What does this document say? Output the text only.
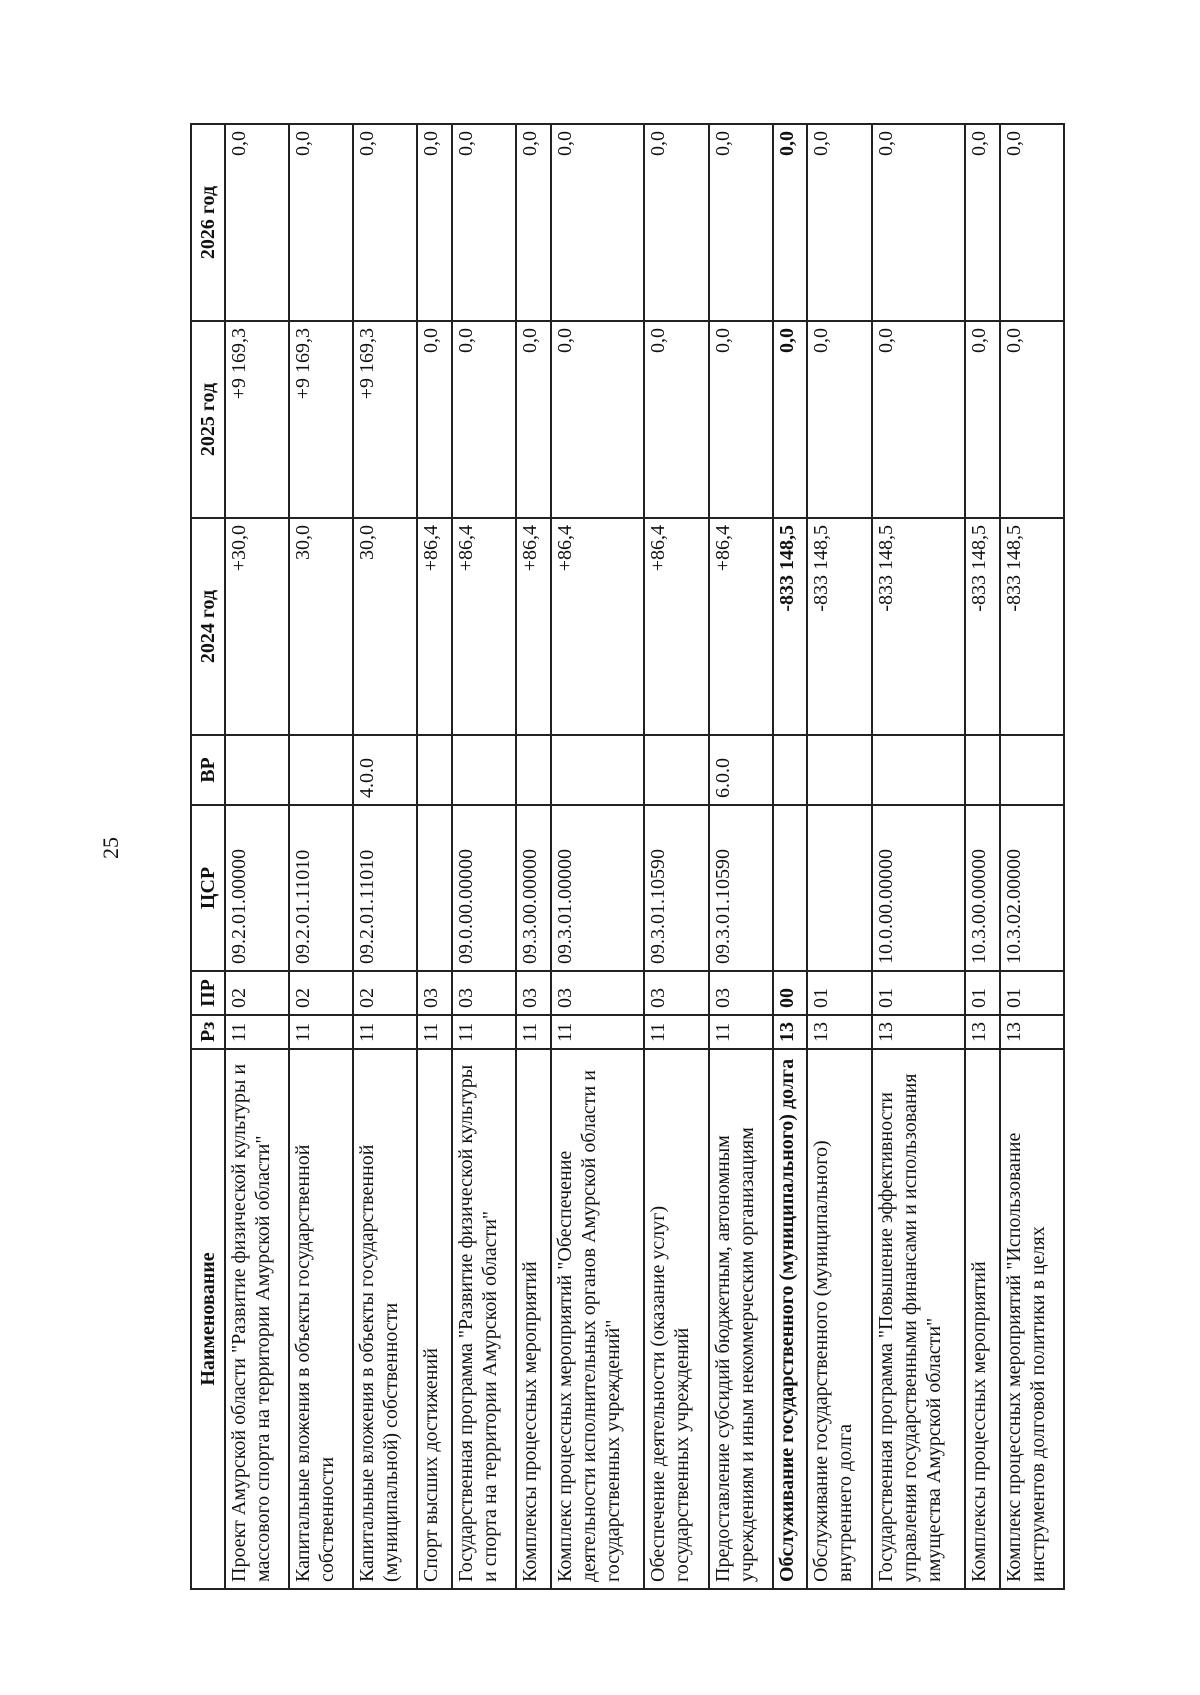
25
Наименование	Рз	ПР	ЦСР	ВР	2024 год	2025 год	2026 год
Проект Амурской области "Развитие физической культуры и массового спорта на территории Амурской области"	11	02	09.2.01.00000		+30,0	+9 169,3	0,0
Капитальные вложения в объекты государственной собственности	11	02	09.2.01.11010		30,0	+9 169,3	0,0
Капитальные вложения в объекты государственной (муниципальной) собственности	11	02	09.2.01.11010	4.0.0	30,0	+9 169,3	0,0
Спорт высших достижений	11	03			+86,4	0,0	0,0
Государственная программа "Развитие физической культуры и спорта на территории Амурской области"	11	03	09.0.00.00000		+86,4	0,0	0,0
Комплексы процессных мероприятий	11	03	09.3.00.00000		+86,4	0,0	0,0
Комплекс процессных мероприятий "Обеспечение деятельности исполнительных органов Амурской области и государственных учреждений"	11	03	09.3.01.00000		+86,4	0,0	0,0
Обеспечение деятельности (оказание услуг) государственных учреждений	11	03	09.3.01.10590		+86,4	0,0	0,0
Предоставление субсидий бюджетным, автономным учреждениям и иным некоммерческим организациям	11	03	09.3.01.10590	6.0.0	+86,4	0,0	0,0
Обслуживание государственного (муниципального) долга	13	00			-833 148,5	0,0	0,0
Обслуживание государственного (муниципального) внутреннего долга	13	01			-833 148,5	0,0	0,0
Государственная программа "Повышение эффективности управления государственными финансами и использования имущества Амурской области"	13	01	10.0.00.00000		-833 148,5	0,0	0,0
Комплексы процессных мероприятий	13	01	10.3.00.00000		-833 148,5	0,0	0,0
Комплекс процессных мероприятий "Использование инструментов долговой политики в целях	13	01	10.3.02.00000		-833 148,5	0,0	0,0
